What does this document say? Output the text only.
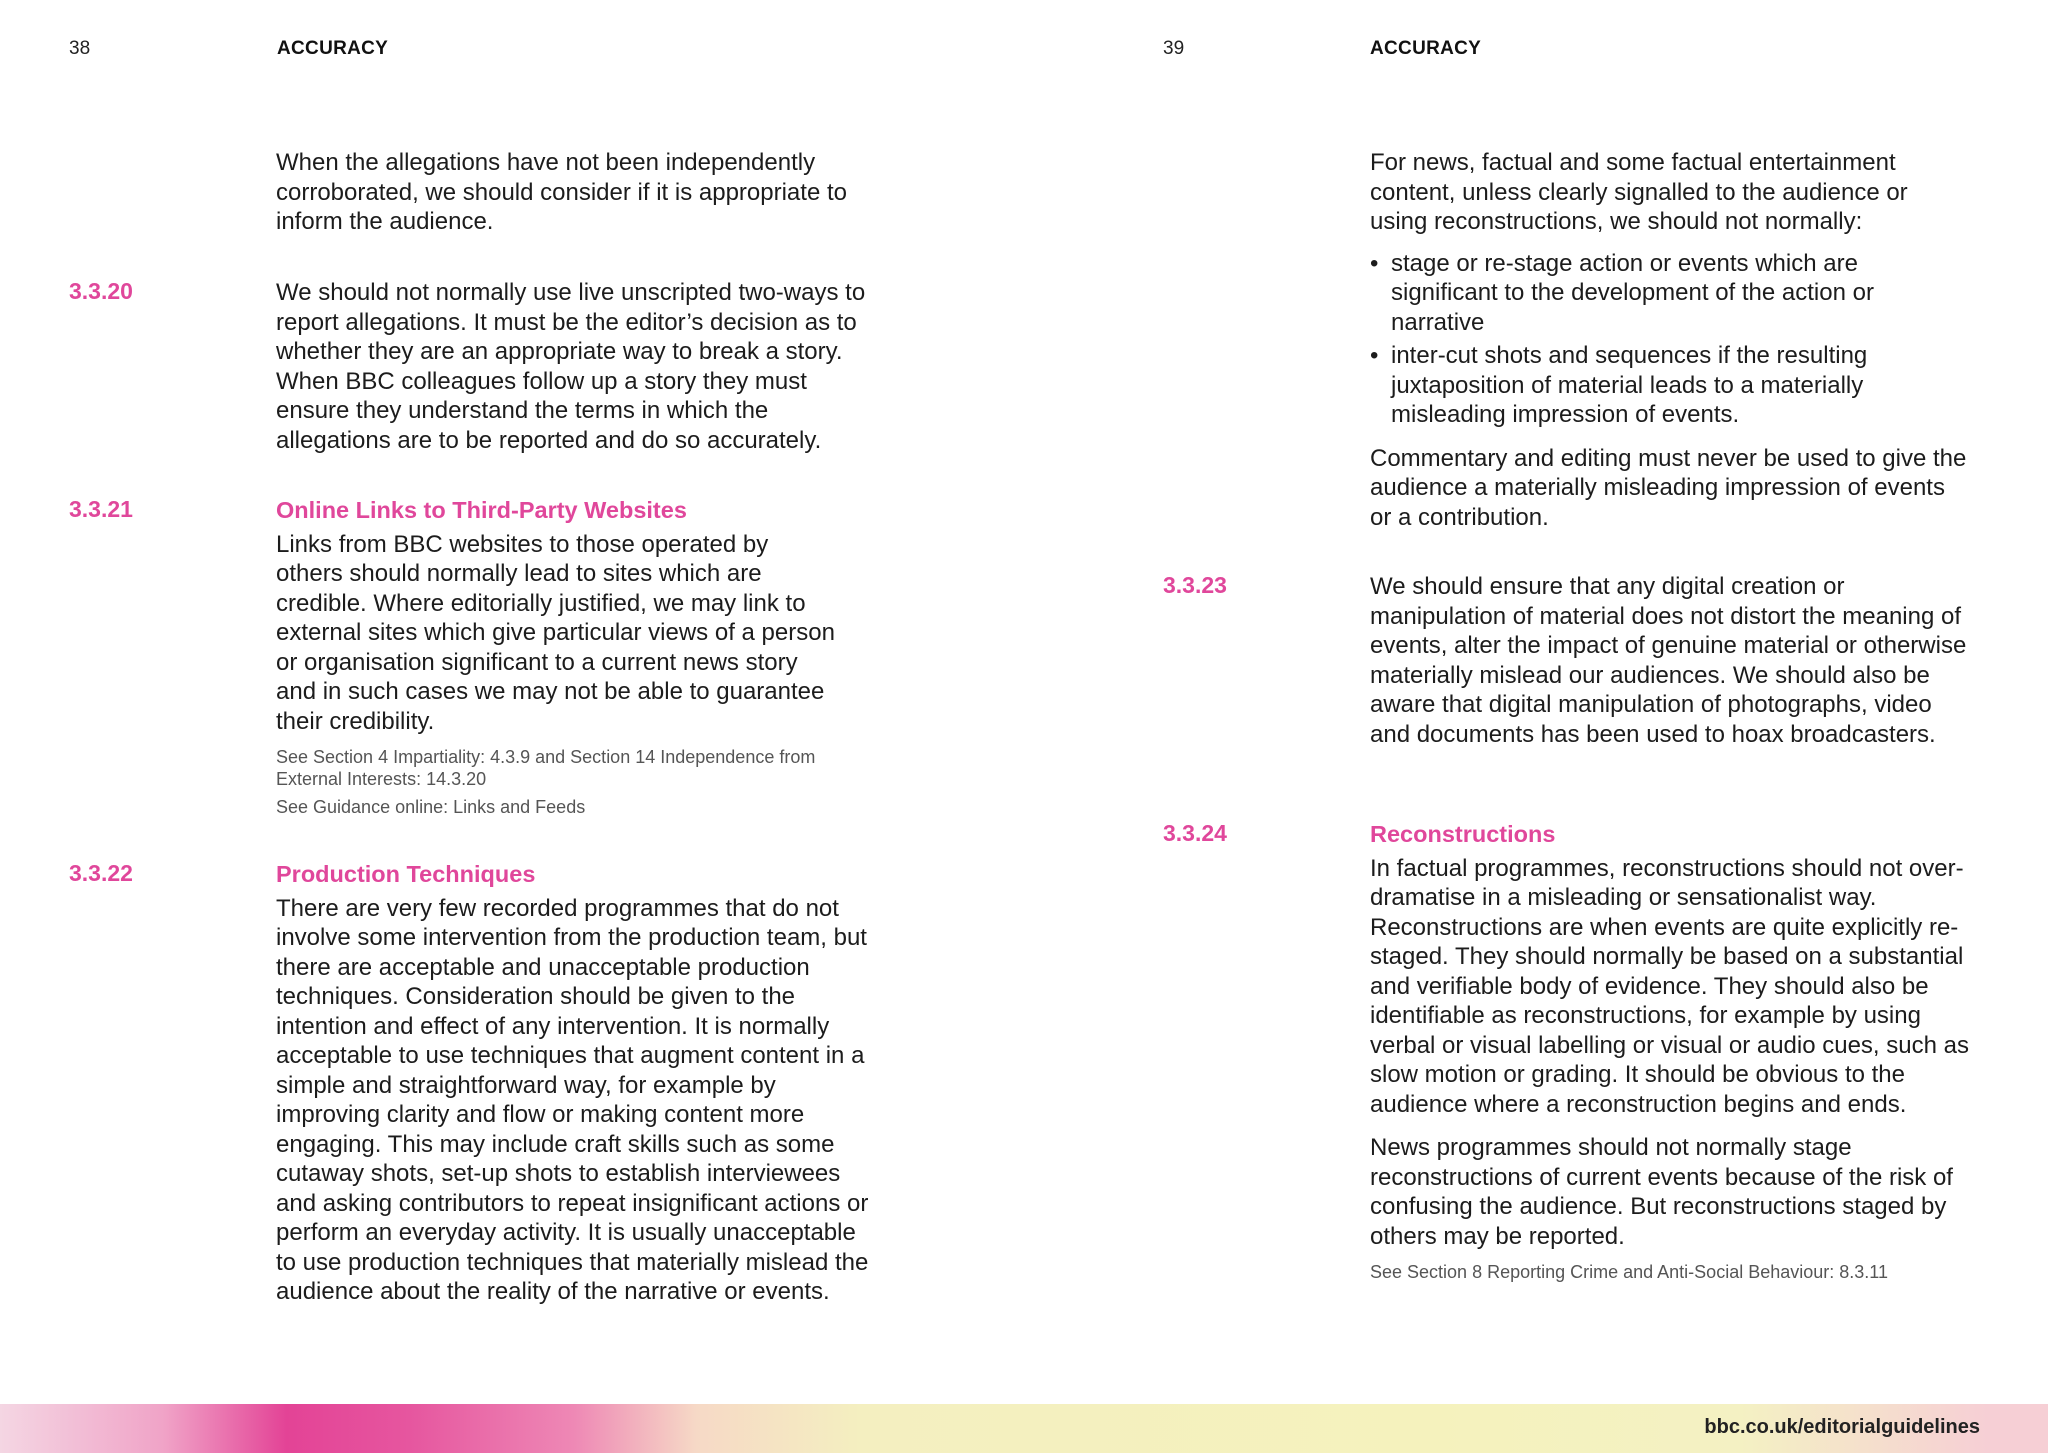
38	ACCURACY

When the allegations have not been independently corroborated, we should consider if it is appropriate to inform the audience.

3.3.20	We should not normally use live unscripted two-ways to report allegations. It must be the editor’s decision as to whether they are an appropriate way to break a story. When BBC colleagues follow up a story they must ensure they understand the terms in which the allegations are to be reported and do so accurately.

3.3.21	Online Links to Third-Party Websites

Links from BBC websites to those operated by others should normally lead to sites which are credible. Where editorially justified, we may link to external sites which give particular views of a person or organisation significant to a current news story and in such cases we may not be able to guarantee their credibility.

See Section 4 Impartiality: 4.3.9 and Section 14 Independence from External Interests: 14.3.20
See Guidance online: Links and Feeds
3.3.22	Production Techniques

There are very few recorded programmes that do not involve some intervention from the production team, but there are acceptable and unacceptable production techniques. Consideration should be given to the intention and effect of any intervention. It is normally acceptable to use techniques that augment content in a simple and straightforward way, for example by improving clarity and flow or making content more engaging. This may include craft skills such as some cutaway shots, set-up shots to establish interviewees and asking contributors to repeat insignificant actions or perform an everyday activity. It is usually unacceptable to use production techniques that materially mislead the audience about the reality of the narrative or events.

39	ACCURACY

For news, factual and some factual entertainment content, unless clearly signalled to the audience or using reconstructions, we should not normally:

• stage or re-stage action or events which are significant to the development of the action or narrative
• inter-cut shots and sequences if the resulting juxtaposition of material leads to a materially misleading impression of events.

Commentary and editing must never be used to give the audience a materially misleading impression of events or a contribution.

3.3.23	We should ensure that any digital creation or manipulation of material does not distort the meaning of events, alter the impact of genuine material or otherwise materially mislead our audiences. We should also be aware that digital manipulation of photographs, video and documents has been used to hoax broadcasters.

3.3.24	Reconstructions

In factual programmes, reconstructions should not over-dramatise in a misleading or sensationalist way. Reconstructions are when events are quite explicitly re-staged. They should normally be based on a substantial and verifiable body of evidence. They should also be identifiable as reconstructions, for example by using verbal or visual labelling or visual or audio cues, such as slow motion or grading. It should be obvious to the audience where a reconstruction begins and ends.

News programmes should not normally stage reconstructions of current events because of the risk of confusing the audience. But reconstructions staged by others may be reported.

See Section 8 Reporting Crime and Anti-Social Behaviour: 8.3.11
bbc.co.uk/editorialguidelines
